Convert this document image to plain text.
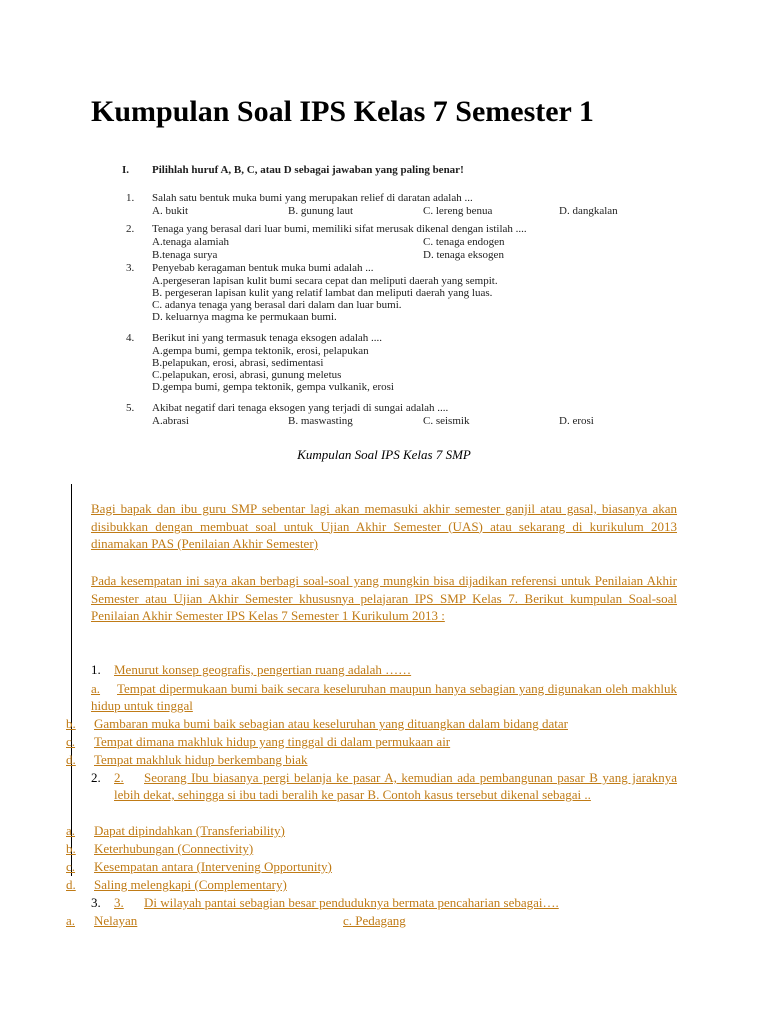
Kumpulan Soal IPS Kelas 7 Semester 1
I. Pilihlah huruf A, B, C, atau D sebagai jawaban yang paling benar!
1. Salah satu bentuk muka bumi yang merupakan relief di daratan adalah ...
A. bukit	B. gunung laut	C. lereng benua	D. dangkalan
2. Tenaga yang berasal dari luar bumi, memiliki sifat merusak dikenal dengan istilah ....
A.tenaga alamiah	C. tenaga endogen
B.tenaga surya	D. tenaga eksogen
3. Penyebab keragaman bentuk muka bumi adalah ...
A.pergeseran lapisan kulit bumi secara cepat dan meliputi daerah yang sempit.
B. pergeseran lapisan kulit yang relatif lambat dan meliputi daerah yang luas.
C. adanya tenaga yang berasal dari dalam dan luar bumi.
D. keluarnya magma ke permukaan bumi.
4. Berikut ini yang termasuk tenaga eksogen adalah ....
A.gempa bumi, gempa tektonik, erosi, pelapukan
B.pelapukan, erosi, abrasi, sedimentasi
C.pelapukan, erosi, abrasi, gunung meletus
D.gempa bumi, gempa tektonik, gempa vulkanik, erosi
5. Akibat negatif dari tenaga eksogen yang terjadi di sungai adalah ....
A.abrasi	B. maswasting	C. seismik	D. erosi
Kumpulan Soal IPS Kelas 7 SMP
Bagi bapak dan ibu guru SMP sebentar lagi akan memasuki akhir semester ganjil atau gasal, biasanya akan disibukkan dengan membuat soal untuk Ujian Akhir Semester (UAS) atau sekarang di kurikulum 2013 dinamakan PAS (Penilaian Akhir Semester)
Pada kesempatan ini saya akan berbagi soal-soal yang mungkin bisa dijadikan referensi untuk Penilaian Akhir Semester atau Ujian Akhir Semester khususnya pelajaran IPS SMP Kelas 7. Berikut kumpulan Soal-soal Penilaian Akhir Semester IPS Kelas 7 Semester 1 Kurikulum 2013 :
1. Menurut konsep geografis, pengertian ruang adalah ……
a.	Tempat dipermukaan bumi baik secara keseluruhan maupun hanya sebagian yang digunakan oleh makhluk hidup untuk tinggal
b. Gambaran muka bumi baik sebagian atau keseluruhan yang dituangkan dalam bidang datar
c. Tempat dimana makhluk hidup yang tinggal di dalam permukaan air
d. Tempat makhluk hidup berkembang biak
2. 2.	Seorang Ibu biasanya pergi belanja ke pasar A, kemudian ada pembangunan pasar B yang jaraknya lebih dekat, sehingga si ibu tadi beralih ke pasar B. Contoh kasus tersebut dikenal sebagai ..
a. Dapat dipindahkan (Transferiability)
b. Keterhubungan (Connectivity)
c. Kesempatan antara (Intervening Opportunity)
d. Saling melengkapi (Complementary)
3. 3. Di wilayah pantai sebagian besar penduduknya bermata pencaharian sebagai….
a. Nelayan	c. Pedagang
